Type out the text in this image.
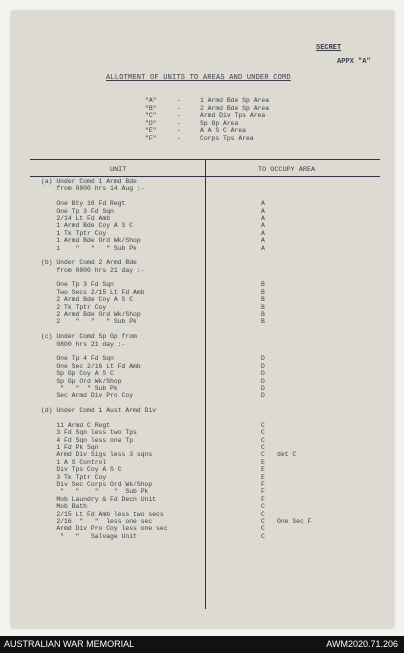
SECRET
APPX "A"
ALLOTMENT OF UNITS TO AREAS AND UNDER COMD
"A"	-	1 Armd Bde Sp Area
"B"	-	2 Armd Bde Sp Area
"C"	-	Armd Div Tps Area
"D"	-	Sp Gp Area
"E"	-	A A S C Area
"F"	-	Corps Tps Area
UNIT	TO OCCUPY AREA
(a) Under Comd 1 Armd Bde
from 0800 hrs 14 Aug :-
One Bty 16 Fd Regt	A
One Tp 3 Fd Sqn	A
2/14 Lt Fd Amb	A
1 Armd Bde Coy A S C	A
1 Tk Tptr Coy	A
1 Armd Bde Ord Wk/Shop	A
1    "   "   " Sub Pk	A
(b) Under Comd 2 Armd Bde
from 0800 hrs 21 day :-
One Tp 3 Fd Sqn	B
Two Secs 2/15 Lt Fd Amb	B
2 Armd Bde Coy A S C	B
2 Tk Tptr Coy	B
2 Armd Bde Ord Wk/Shop	B
2    "   "   " Sub Pk	B
(c) Under Comd Sp Gp from
0800 hrs 21 day :-
One Tp 4 Fd Sqn	D
One Sec 2/16 Lt Fd Amb	D
Sp Gp Coy A S C	D
Sp Gp Ord Wk/Shop	D
"   "  " Sub Pk	D
Sec Armd Div Pro Coy	D
(d) Under Comd 1 Aust Armd Div
11 Armd C Regt	C
3 Fd Sqn less two Tps	C
4 Fd Sqn less one Tp	C
1 Fd Pk Sqn	C
Armd Div Sigs less 3 sqns	C det C
1 A S Control	E
Div Tps Coy A S C	E
3 Tk Tptr Coy	E
Div Sec Corps Ord Wk/Shop	F
"   "    "    "  Sub Pk	F
Mob Laundry & Fd Decn Unit	F
Mob Bath	C
2/15 Lt Fd Amb less two secs	C
2/16  "   "  less one sec	C One Sec F
Armd Div Pro Coy less one sec	C
"   "   Salvage Unit	C
AUSTRALIAN WAR MEMORIAL	AWM2020.71.206
